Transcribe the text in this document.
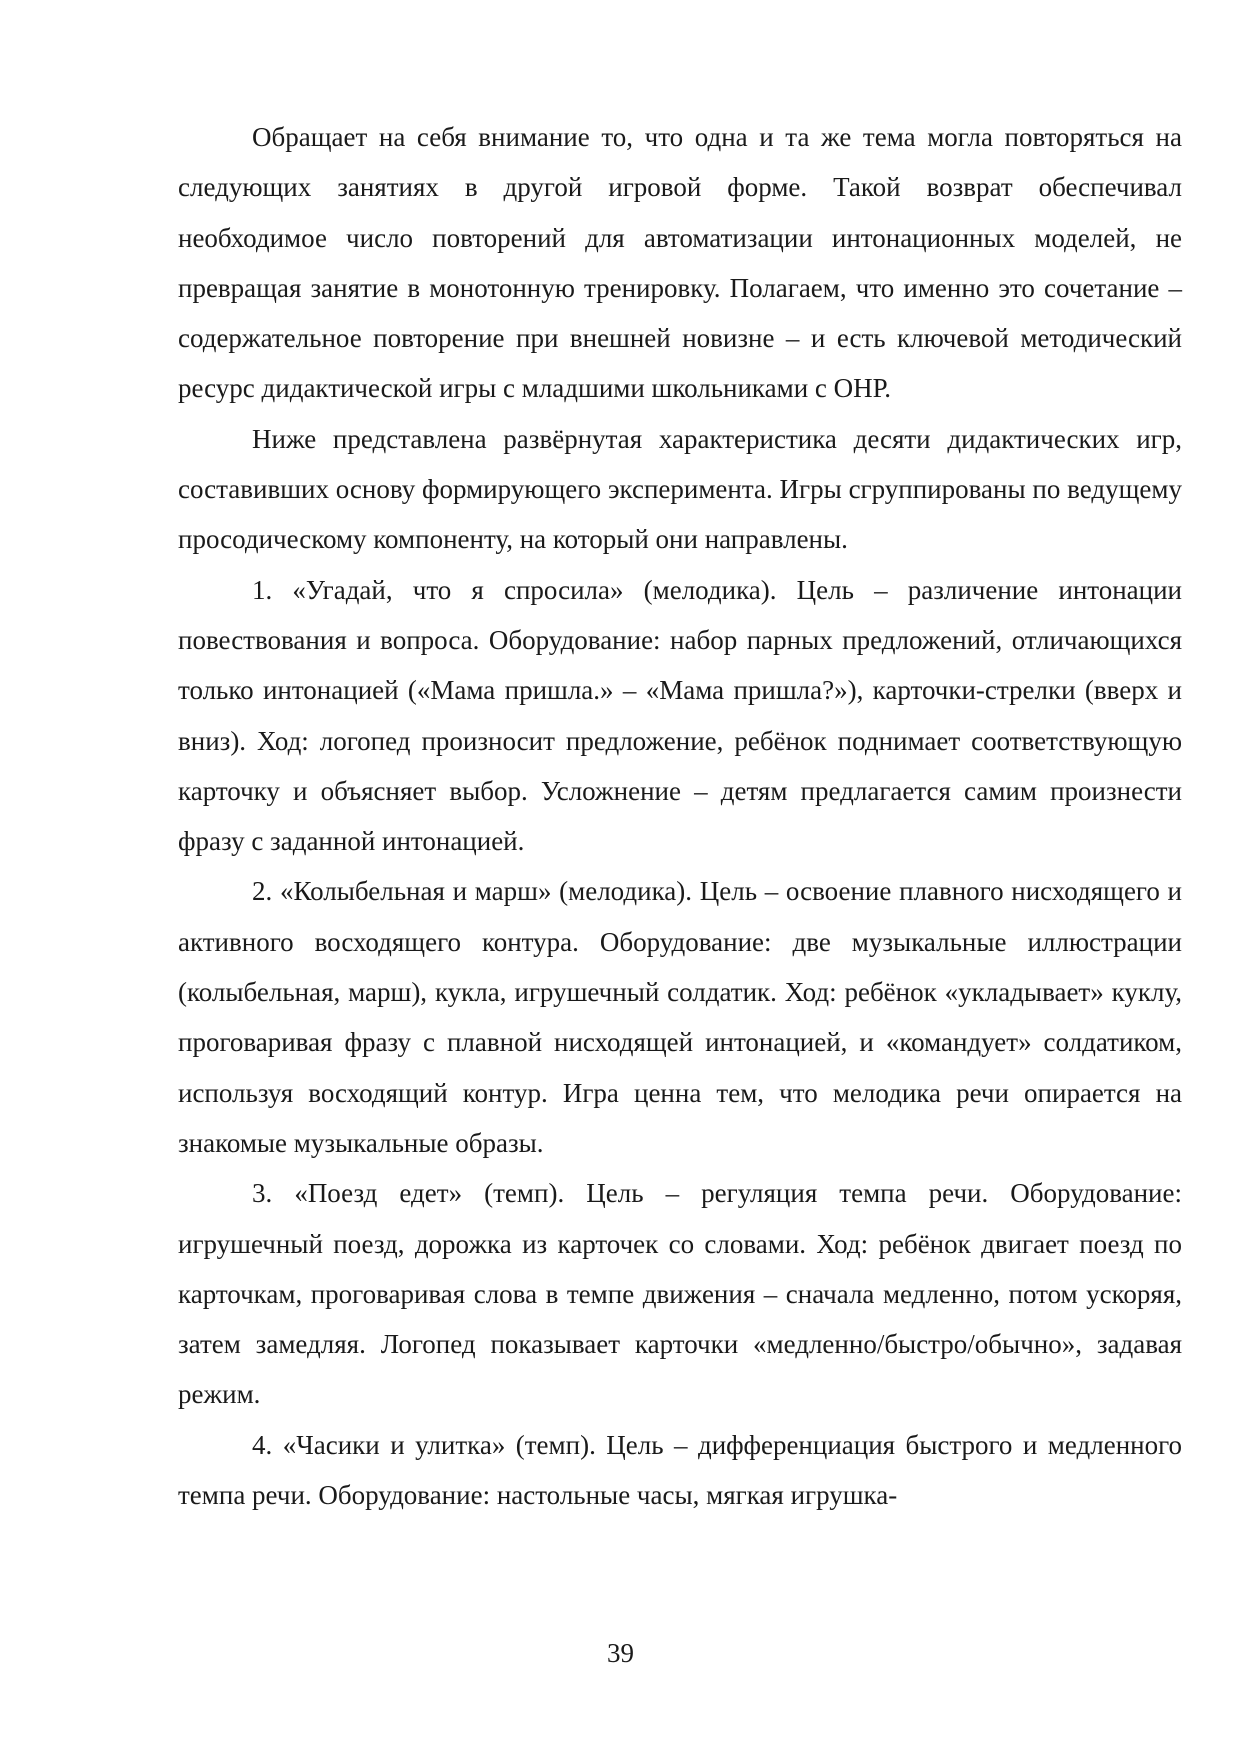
Обращает на себя внимание то, что одна и та же тема могла повторяться на следующих занятиях в другой игровой форме. Такой возврат обеспечивал необходимое число повторений для автоматизации интонационных моделей, не превращая занятие в монотонную тренировку. Полагаем, что именно это сочетание – содержательное повторение при внешней новизне – и есть ключевой методический ресурс дидактической игры с младшими школьниками с ОНР.

Ниже представлена развёрнутая характеристика десяти дидактических игр, составивших основу формирующего эксперимента. Игры сгруппированы по ведущему просодическому компоненту, на который они направлены.

1. «Угадай, что я спросила» (мелодика). Цель – различение интонации повествования и вопроса. Оборудование: набор парных предложений, отличающихся только интонацией («Мама пришла.» – «Мама пришла?»), карточки-стрелки (вверх и вниз). Ход: логопед произносит предложение, ребёнок поднимает соответствующую карточку и объясняет выбор. Усложнение – детям предлагается самим произнести фразу с заданной интонацией.

2. «Колыбельная и марш» (мелодика). Цель – освоение плавного нисходящего и активного восходящего контура. Оборудование: две музыкальные иллюстрации (колыбельная, марш), кукла, игрушечный солдатик. Ход: ребёнок «укладывает» куклу, проговаривая фразу с плавной нисходящей интонацией, и «командует» солдатиком, используя восходящий контур. Игра ценна тем, что мелодика речи опирается на знакомые музыкальные образы.

3. «Поезд едет» (темп). Цель – регуляция темпа речи. Оборудование: игрушечный поезд, дорожка из карточек со словами. Ход: ребёнок двигает поезд по карточкам, проговаривая слова в темпе движения – сначала медленно, потом ускоряя, затем замедляя. Логопед показывает карточки «медленно/быстро/обычно», задавая режим.

4. «Часики и улитка» (темп). Цель – дифференциация быстрого и медленного темпа речи. Оборудование: настольные часы, мягкая игрушка-

39
